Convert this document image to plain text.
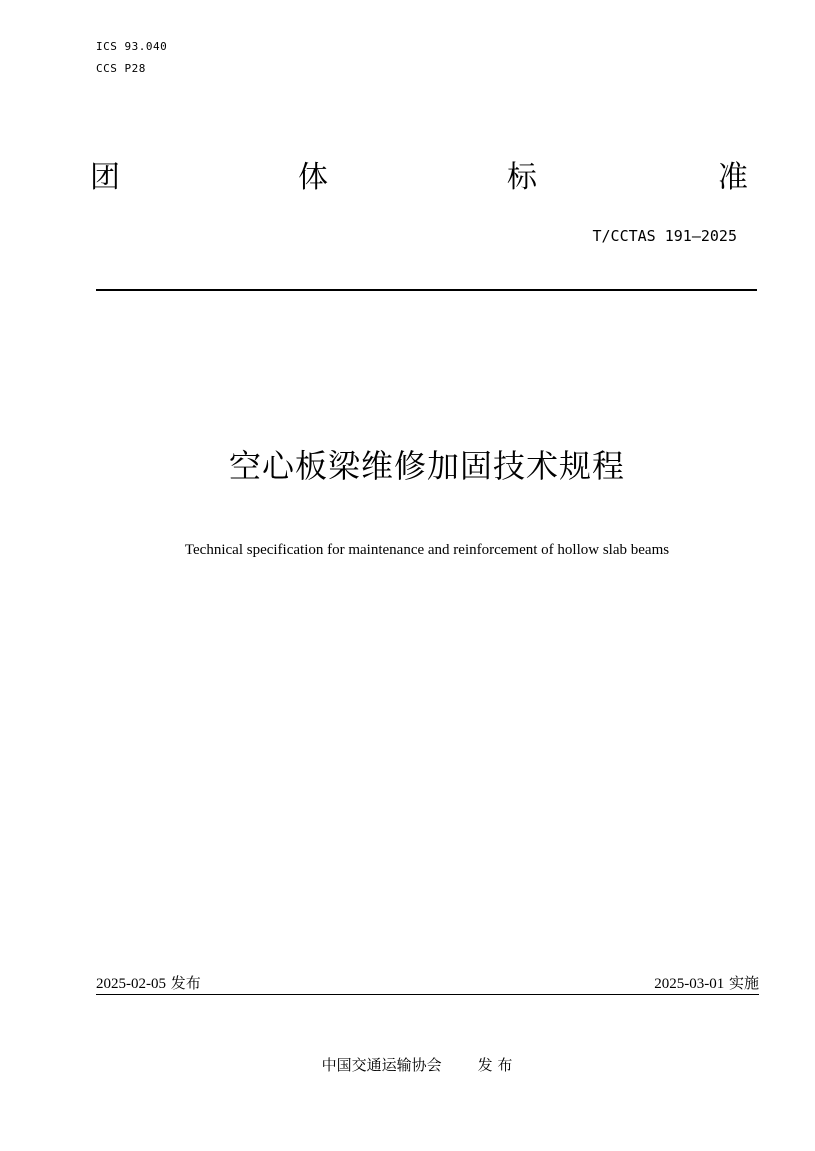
ICS 93.040
CCS P28
团	体	标	准
T/CCTAS 191—2025
空心板梁维修加固技术规程
Technical specification for maintenance and reinforcement of hollow slab beams
2025-02-05 发布	2025-03-01 实施
中国交通运输协会 发 布
